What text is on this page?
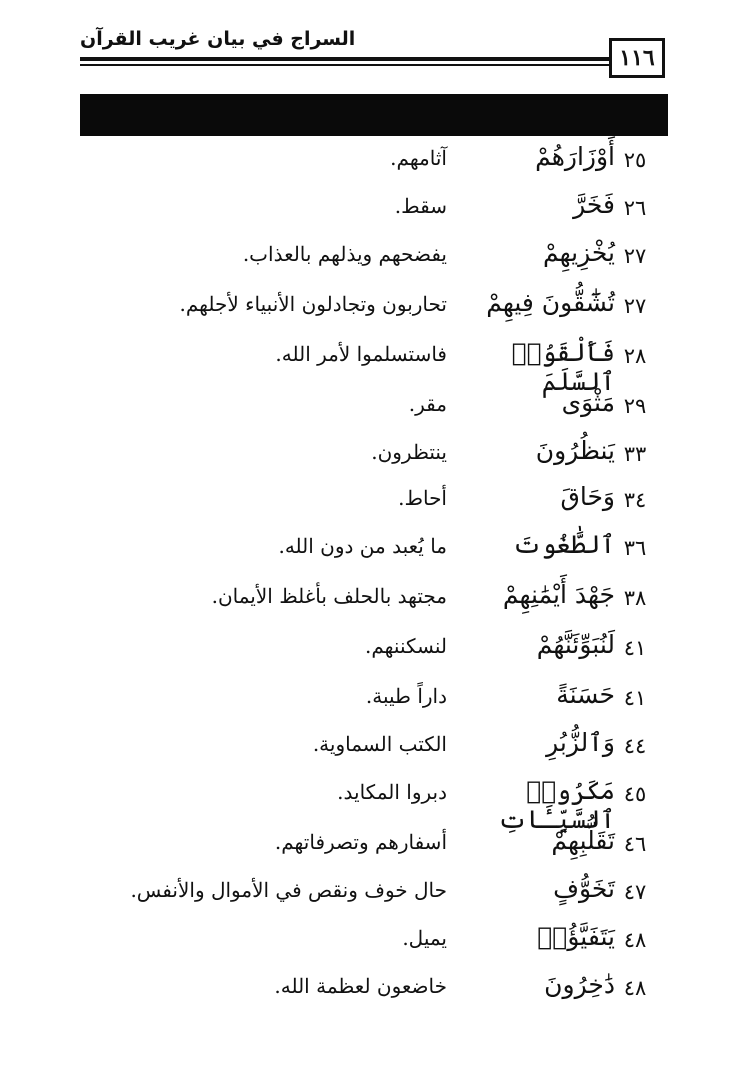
السراج في بيان غريب القرآن
١١٦
٢٥
أَوْزَارَهُمْ
آثامهم.
٢٦
فَخَرَّ
سقط.
٢٧
يُخْزِيهِمْ
يفضحهم ويذلهم بالعذاب.
٢٧
تُشَٰٓقُّونَ فِيهِمْ
تحاربون وتجادلون الأنبياء لأجلهم.
٢٨
فَأَلْقَوُا۟ ٱلسَّلَمَ
فاستسلموا لأمر الله.
٢٩
مَثْوَى
مقر.
٣٣
يَنظُرُونَ
ينتظرون.
٣٤
وَحَاقَ
أحاط.
٣٦
ٱلطَّٰغُوتَ
ما يُعبد من دون الله.
٣٨
جَهْدَ أَيْمَٰنِهِمْ
مجتهد بالحلف بأغلظ الأيمان.
٤١
لَنُبَوِّئَنَّهُمْ
لنسكننهم.
٤١
حَسَنَةً
داراً طيبة.
٤٤
وَٱلزُّبُرِ
الكتب السماوية.
٤٥
مَكَرُوا۟ ٱلسَّيِّـَٔاتِ
دبروا المكايد.
٤٦
تَقَلُّبِهِمْ
أسفارهم وتصرفاتهم.
٤٧
تَخَوُّفٍ
حال خوف ونقص في الأموال والأنفس.
٤٨
يَتَفَيَّؤُا۟
يميل.
٤٨
دَٰخِرُونَ
خاضعون لعظمة الله.
